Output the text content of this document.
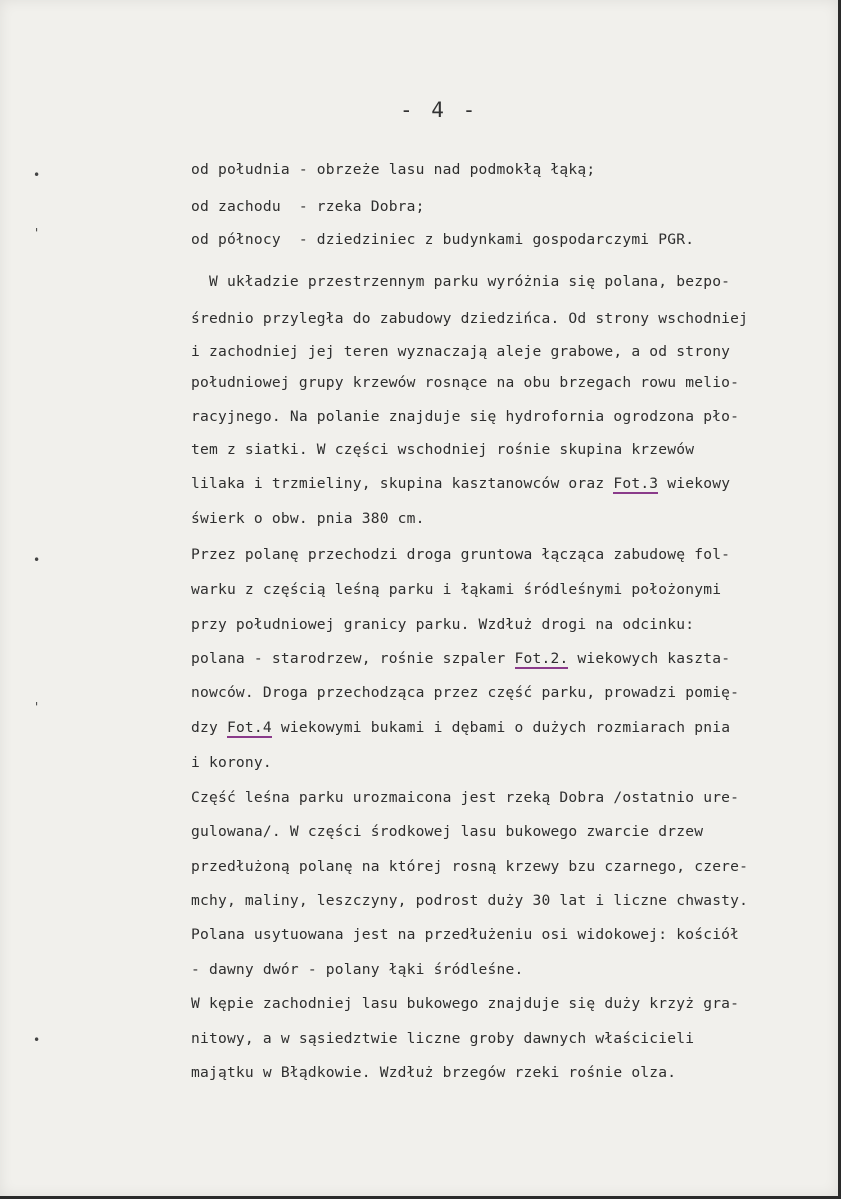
- 4 -
•
'
•
'
•
od południa - obrzeże lasu nad podmokłą łąką;
od zachodu  - rzeka Dobra;
od północy  - dziedziniec z budynkami gospodarczymi PGR.
W układzie przestrzennym parku wyróżnia się polana, bezpo-
średnio przyległa do zabudowy dziedzińca. Od strony wschodniej
i zachodniej jej teren wyznaczają aleje grabowe, a od strony
południowej grupy krzewów rosnące na obu brzegach rowu melio-
racyjnego. Na polanie znajduje się hydrofornia ogrodzona pło-
tem z siatki. W części wschodniej rośnie skupina krzewów
lilaka i trzmieliny, skupina kasztanowców oraz Fot.3 wiekowy
świerk o obw. pnia 380 cm.
Przez polanę przechodzi droga gruntowa łącząca zabudowę fol-
warku z częścią leśną parku i łąkami śródleśnymi położonymi
przy południowej granicy parku. Wzdłuż drogi na odcinku:
polana - starodrzew, rośnie szpaler Fot.2. wiekowych kaszta-
nowców. Droga przechodząca przez część parku, prowadzi pomię-
dzy Fot.4 wiekowymi bukami i dębami o dużych rozmiarach pnia
i korony.
Część leśna parku urozmaicona jest rzeką Dobra /ostatnio ure-
gulowana/. W części środkowej lasu bukowego zwarcie drzew
przedłużoną polanę na której rosną krzewy bzu czarnego, czere-
mchy, maliny, leszczyny, podrost duży 30 lat i liczne chwasty.
Polana usytuowana jest na przedłużeniu osi widokowej: kościół
- dawny dwór - polany łąki śródleśne.
W kępie zachodniej lasu bukowego znajduje się duży krzyż gra-
nitowy, a w sąsiedztwie liczne groby dawnych właścicieli
majątku w Błądkowie. Wzdłuż brzegów rzeki rośnie olza.
